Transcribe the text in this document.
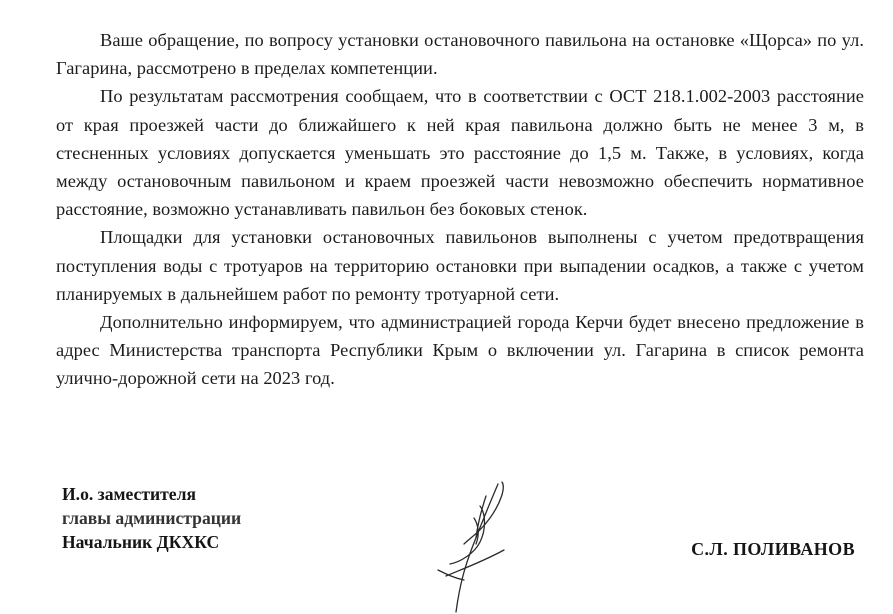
Ваше обращение, по вопросу установки остановочного павильона на остановке «Щорса» по ул. Гагарина, рассмотрено в пределах компетенции.

По результатам рассмотрения сообщаем, что в соответствии с ОСТ 218.1.002-2003 расстояние от края проезжей части до ближайшего к ней края павильона должно быть не менее 3 м, в стесненных условиях допускается уменьшать это расстояние до 1,5 м. Также, в условиях, когда между остановочным павильоном и краем проезжей части невозможно обеспечить нормативное расстояние, возможно устанавливать павильон без боковых стенок.

Площадки для установки остановочных павильонов выполнены с учетом предотвращения поступления воды с тротуаров на территорию остановки при выпадении осадков, а также с учетом планируемых в дальнейшем работ по ремонту тротуарной сети.

Дополнительно информируем, что администрацией города Керчи будет внесено предложение в адрес Министерства транспорта Республики Крым о включении ул. Гагарина в список ремонта улично-дорожной сети на 2023 год.

И.о. заместителя
главы администрации
Начальник ДКХКС	С.Л. ПОЛИВАНОВ
